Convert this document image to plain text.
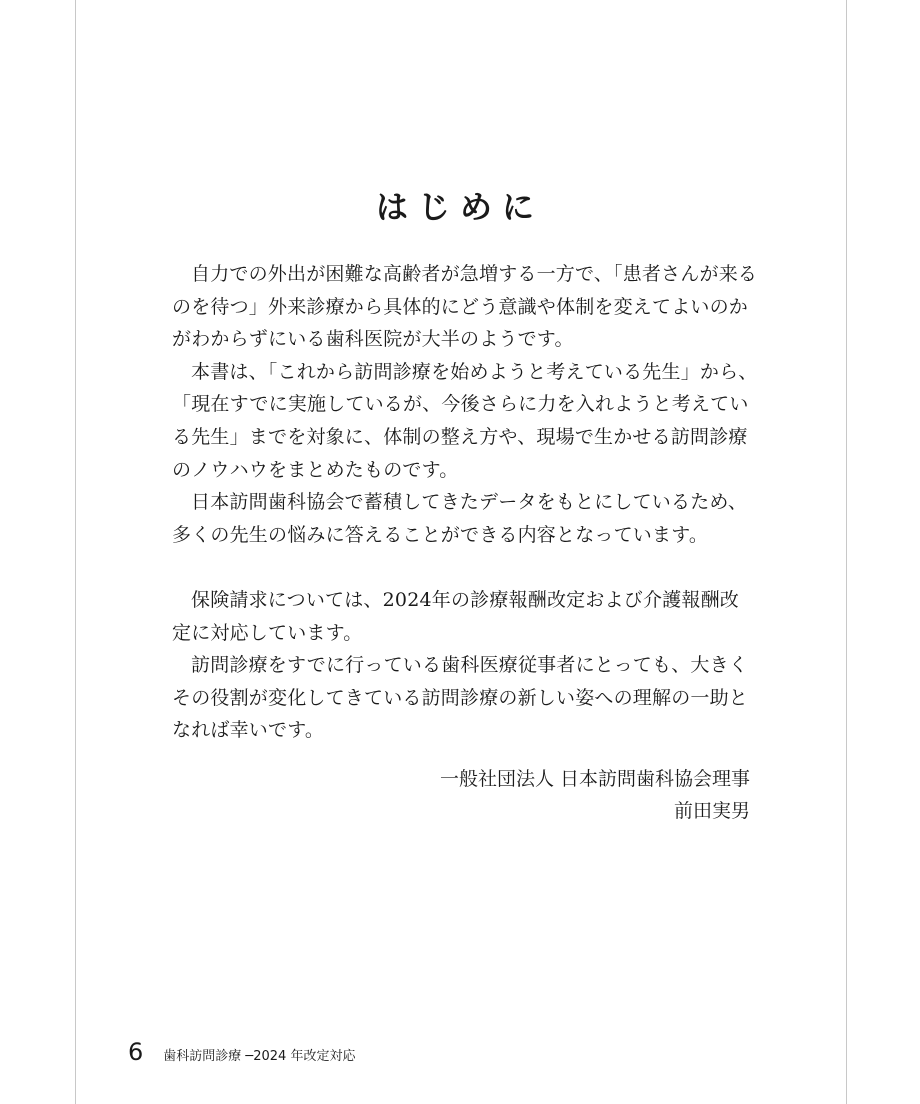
はじめに

自力での外出が困難な高齢者が急増する一方で、「患者さんが来るのを待つ」外来診療から具体的にどう意識や体制を変えてよいのかがわからずにいる歯科医院が大半のようです。

本書は、「これから訪問診療を始めようと考えている先生」から、「現在すでに実施しているが、今後さらに力を入れようと考えている先生」までを対象に、体制の整え方や、現場で生かせる訪問診療のノウハウをまとめたものです。

日本訪問歯科協会で蓄積してきたデータをもとにしているため、多くの先生の悩みに答えることができる内容となっています。

保険請求については、2024年の診療報酬改定および介護報酬改定に対応しています。

訪問診療をすでに行っている歯科医療従事者にとっても、大きくその役割が変化してきている訪問診療の新しい姿への理解の一助となれば幸いです。

一般社団法人 日本訪問歯科協会理事
前田実男
6 歯科訪問診療 ─2024 年改定対応
